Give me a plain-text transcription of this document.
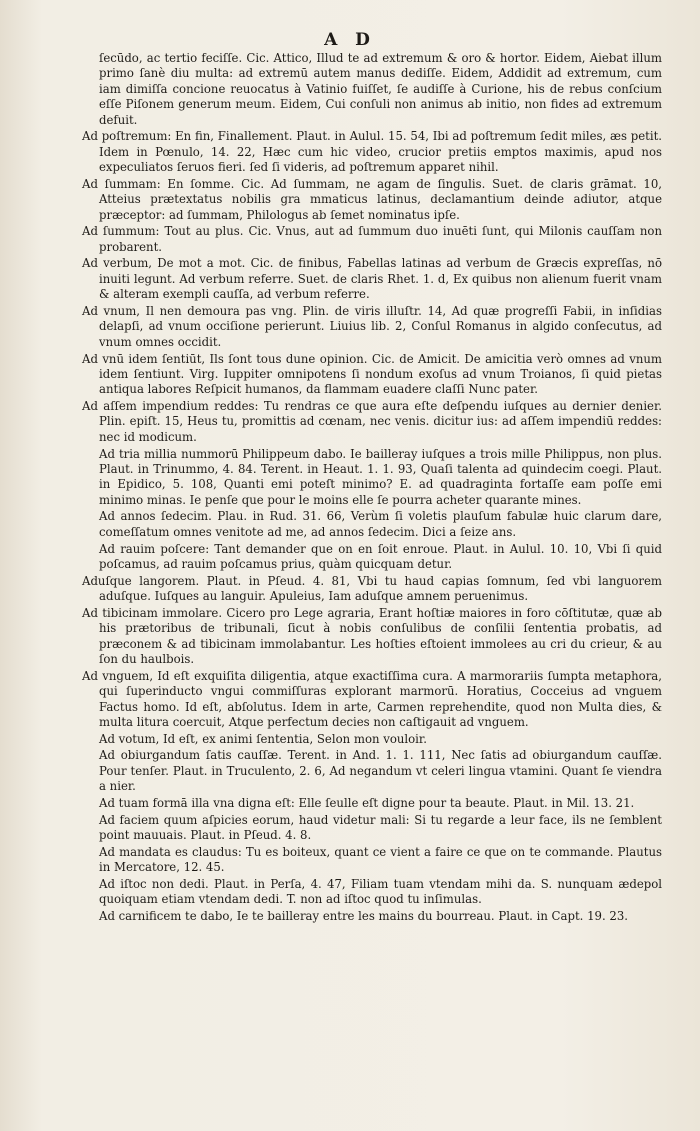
A D

ſecūdo, ac tertio feciſſe. Cic. Attico, Illud te ad extremum & oro & hortor. Eidem, Aiebat illum primo ſanè diu multa: ad extremū autem manus dediſſe. Eidem, Addidit ad extremum, cum iam dimiſſa concione reuocatus à Vatinio fuiſſet, ſe audiſſe à Curione, his de rebus conſcium eſſe Piſonem generum meum. Eidem, Cui conſuli non animus ab initio, non fides ad extremum defuit.

Ad poſtremum: En fin, Finallement. Plaut. in Aulul. 15. 54, Ibi ad poſtremum ſedit miles, æs petit. Idem in Pœnulo, 14. 22, Hæc cum hic video, crucior pretiis emptos maximis, apud nos expeculiatos ſeruos fieri. ſed ſi videris, ad poſtremum apparet nihil.

Ad ſummam: En ſomme. Cic. Ad ſummam, ne agam de ſingulis. Suet. de claris grāmat. 10, Atteius prætextatus nobilis gra mmaticus latinus, declamantium deinde adiutor, atque præceptor: ad ſummam, Philologus ab ſemet nominatus ipſe.

Ad ſummum: Tout au plus. Cic. Vnus, aut ad ſummum duo inuēti ſunt, qui Milonis cauſſam non probarent.

Ad verbum, De mot a mot. Cic. de finibus, Fabellas latinas ad verbum de Græcis expreſſas, nō inuiti legunt. Ad verbum referre. Suet. de claris Rhet. 1. d, Ex quibus non alienum fuerit vnam & alteram exempli cauſſa, ad verbum referre.

Ad vnum, Il nen demoura pas vng. Plin. de viris illuſtr. 14, Ad quæ progreſſi Fabii, in inſidias delapſi, ad vnum occiſione perierunt. Liuius lib. 2, Conſul Romanus in algido conſecutus, ad vnum omnes occidit.

Ad vnū idem ſentiūt, Ils ſont tous dune opinion. Cic. de Amicit. De amicitia verò omnes ad vnum idem ſentiunt. Virg. Iuppiter omnipotens ſi nondum exoſus ad vnum Troianos, ſi quid pietas antiqua labores Reſpicit humanos, da flammam euadere claſſi Nunc pater.

Ad aſſem impendium reddes: Tu rendras ce que aura eſte deſpendu iuſques au dernier denier. Plin. epiſt. 15, Heus tu, promittis ad cœnam, nec venis. dicitur ius: ad aſſem impendiū reddes: nec id modicum.

Ad tria millia nummorū Philippeum dabo. Ie bailleray iuſques a trois mille Philippus, non plus. Plaut. in Trinummo, 4. 84. Terent. in Heaut. 1. 1. 93, Quaſi talenta ad quindecim coegi. Plaut. in Epidico, 5. 108, Quanti emi poteſt minimo? E. ad quadraginta fortaſſe eam poſſe emi minimo minas. Ie penſe que pour le moins elle ſe pourra acheter quarante mines.

Ad annos ſedecim. Plau. in Rud. 31. 66, Verùm ſi voletis plauſum fabulæ huic clarum dare, comeſſatum omnes venitote ad me, ad annos ſedecim. Dici a ſeize ans.

Ad rauim poſcere: Tant demander que on en ſoit enroue. Plaut. in Aulul. 10. 10, Vbi ſi quid poſcamus, ad rauim poſcamus prius, quàm quicquam detur.

Aduſque langorem. Plaut. in Pſeud. 4. 81, Vbi tu haud capias ſomnum, ſed vbi languorem aduſque. Iuſques au languir. Apuleius, Iam aduſque amnem peruenimus.

Ad tibicinam immolare. Cicero pro Lege agraria, Erant hoſtiæ maiores in foro cōſtitutæ, quæ ab his prætoribus de tribunali, ſicut à nobis conſulibus de conſilii ſententia probatis, ad præconem & ad tibicinam immolabantur. Les hoſties eſtoient immolees au cri du crieur, & au ſon du haulbois.

Ad vnguem, Id eſt exquiſita diligentia, atque exactiſſima cura. A marmorariis ſumpta metaphora, qui ſuperinducto vngui commiſſuras explorant marmorū. Horatius, Cocceius ad vnguem Factus homo. Id eſt, abſolutus. Idem in arte, Carmen reprehendite, quod non Multa dies, & multa litura coercuit, Atque perfectum decies non caſtigauit ad vnguem.

Ad votum, Id eſt, ex animi ſententia, Selon mon vouloir.

Ad obiurgandum ſatis cauſſæ. Terent. in And. 1. 1. 111, Nec ſatis ad obiurgandum cauſſæ. Pour tenſer. Plaut. in Truculento, 2. 6, Ad negandum vt celeri lingua vtamini. Quant ſe viendra a nier.

Ad tuam formā illa vna digna eſt: Elle ſeulle eſt digne pour ta beaute. Plaut. in Mil. 13. 21.

Ad faciem quum aſpicies eorum, haud videtur mali: Si tu regarde a leur face, ils ne ſemblent point mauuais. Plaut. in Pſeud. 4. 8.

Ad mandata es claudus: Tu es boiteux, quant ce vient a faire ce que on te commande. Plautus in Mercatore, 12. 45.

Ad iſtoc non dedi. Plaut. in Perſa, 4. 47, Filiam tuam vtendam mihi da. S. nunquam ædepol quoiquam etiam vtendam dedi. T. non ad iſtoc quod tu inſimulas.

Ad carnificem te dabo, Ie te bailleray entre les mains du bourreau. Plaut. in Capt. 19. 23.
